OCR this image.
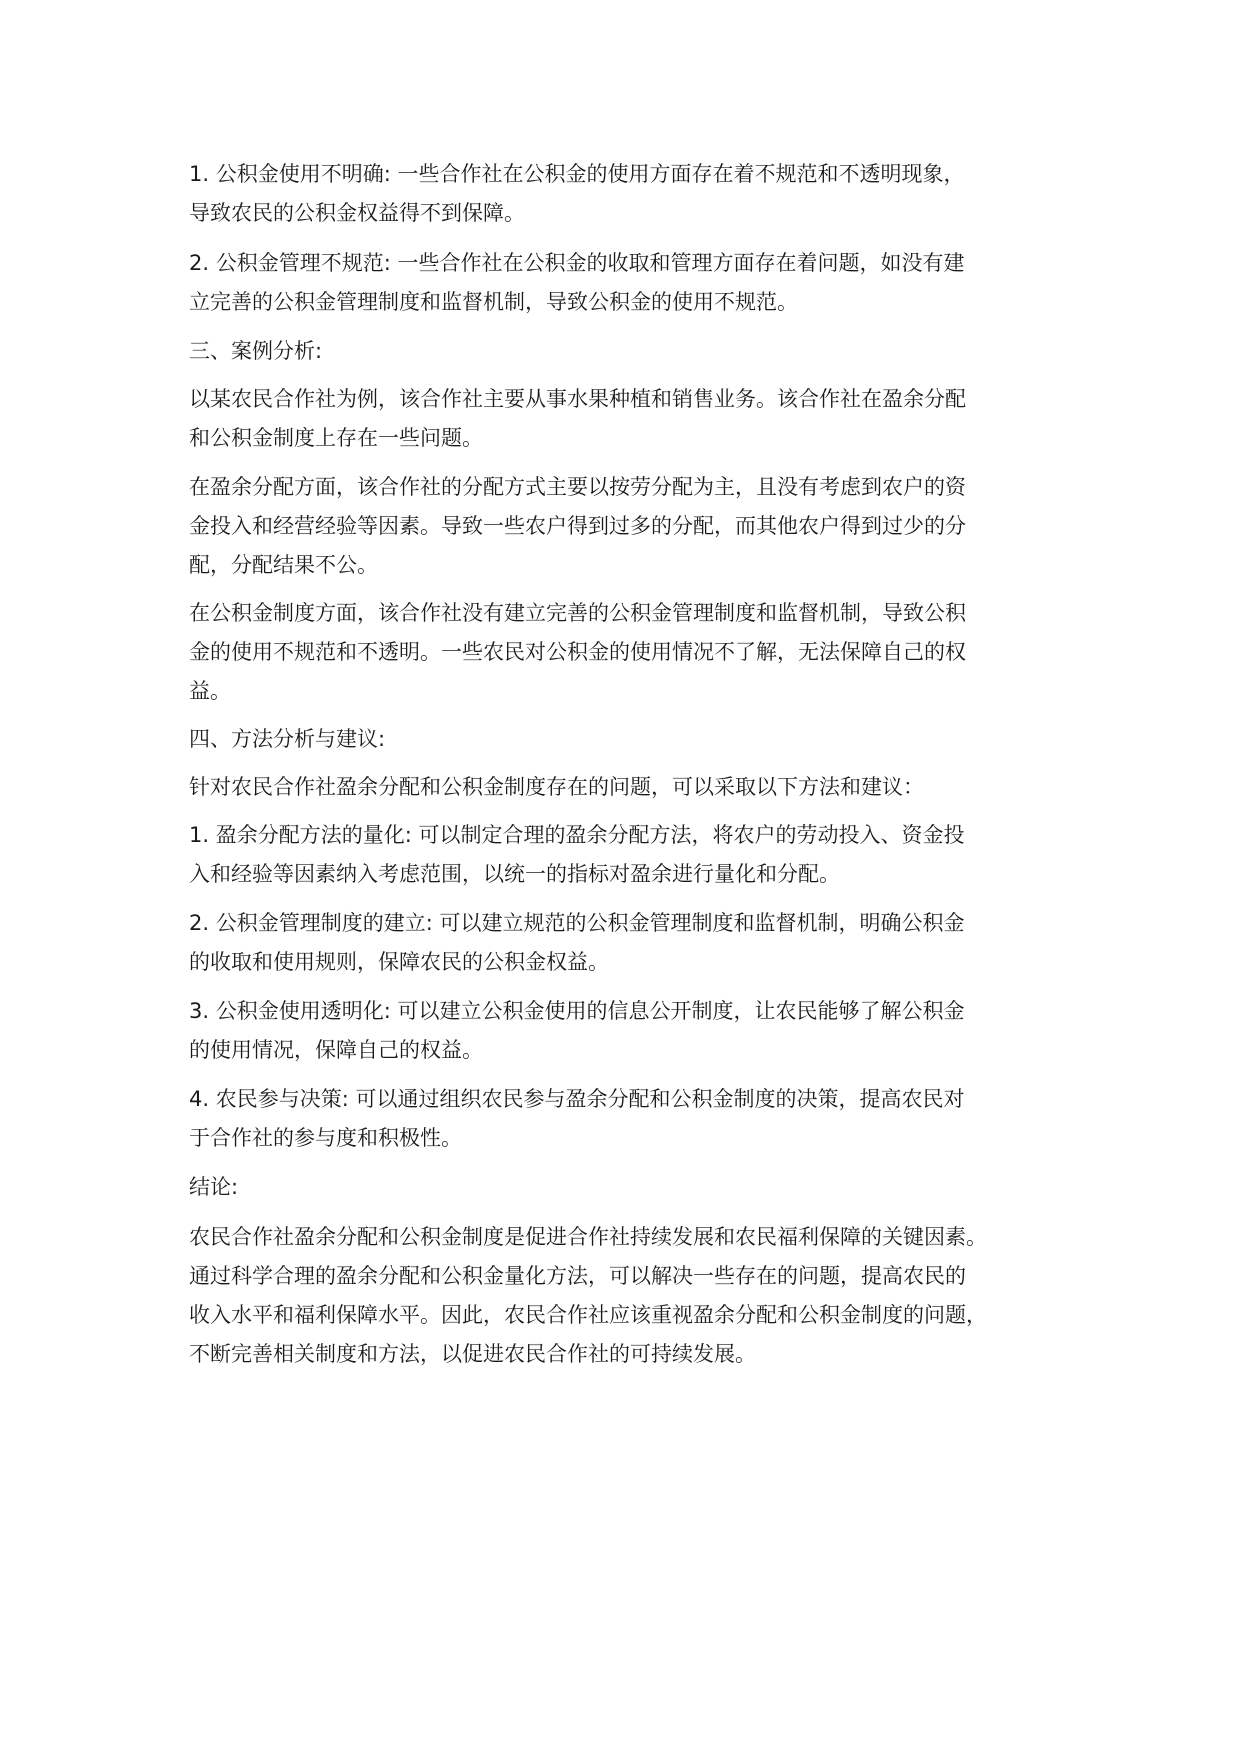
1. 公积金使用不明确: 一些合作社在公积金的使用方面存在着不规范和不透明现象，
导致农民的公积金权益得不到保障。
2. 公积金管理不规范: 一些合作社在公积金的收取和管理方面存在着问题，如没有建
立完善的公积金管理制度和监督机制，导致公积金的使用不规范。
三、案例分析:
以某农民合作社为例，该合作社主要从事水果种植和销售业务。该合作社在盈余分配
和公积金制度上存在一些问题。
在盈余分配方面，该合作社的分配方式主要以按劳分配为主，且没有考虑到农户的资
金投入和经营经验等因素。导致一些农户得到过多的分配，而其他农户得到过少的分
配，分配结果不公。
在公积金制度方面，该合作社没有建立完善的公积金管理制度和监督机制，导致公积
金的使用不规范和不透明。一些农民对公积金的使用情况不了解，无法保障自己的权
益。
四、方法分析与建议:
针对农民合作社盈余分配和公积金制度存在的问题，可以采取以下方法和建议：
1. 盈余分配方法的量化: 可以制定合理的盈余分配方法，将农户的劳动投入、资金投
入和经验等因素纳入考虑范围，以统一的指标对盈余进行量化和分配。
2. 公积金管理制度的建立: 可以建立规范的公积金管理制度和监督机制，明确公积金
的收取和使用规则，保障农民的公积金权益。
3. 公积金使用透明化: 可以建立公积金使用的信息公开制度，让农民能够了解公积金
的使用情况，保障自己的权益。
4. 农民参与决策: 可以通过组织农民参与盈余分配和公积金制度的决策，提高农民对
于合作社的参与度和积极性。
结论:
农民合作社盈余分配和公积金制度是促进合作社持续发展和农民福利保障的关键因素。
通过科学合理的盈余分配和公积金量化方法，可以解决一些存在的问题，提高农民的
收入水平和福利保障水平。因此，农民合作社应该重视盈余分配和公积金制度的问题，
不断完善相关制度和方法，以促进农民合作社的可持续发展。
